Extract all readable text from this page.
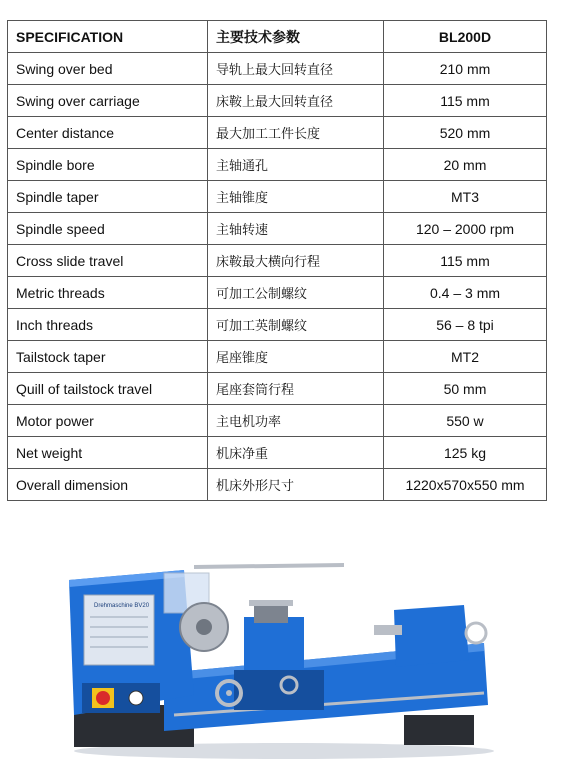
SPECIFICATION	主要技术参数	BL200D
Swing over bed	导轨上最大回转直径	210 mm
Swing over carriage	床鞍上最大回转直径	115 mm
Center distance	最大加工工件长度	520 mm
Spindle bore	主轴通孔	20 mm
Spindle taper	主轴锥度	MT3
Spindle speed	主轴转速	120 – 2000 rpm
Cross slide travel	床鞍最大横向行程	115 mm
Metric threads	可加工公制螺纹	0.4 – 3 mm
Inch threads	可加工英制螺纹	56 – 8 tpi
Tailstock taper	尾座锥度	MT2
Quill of tailstock travel	尾座套筒行程	50 mm
Motor power	主电机功率	550 w
Net weight	机床净重	125 kg
Overall dimension	机床外形尺寸	1220x570x550 mm
Drehmaschine BV20
